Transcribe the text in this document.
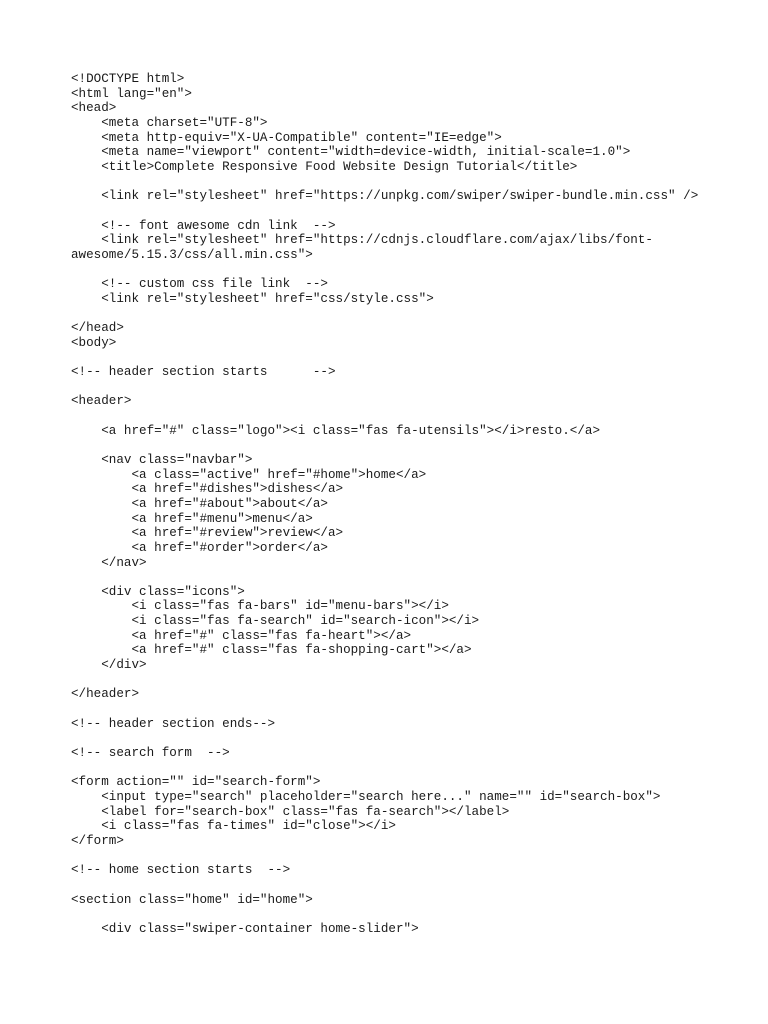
<!DOCTYPE html>
<html lang="en">
<head>
<meta charset="UTF-8">
<meta http-equiv="X-UA-Compatible" content="IE=edge">
<meta name="viewport" content="width=device-width, initial-scale=1.0">
<title>Complete Responsive Food Website Design Tutorial</title>
<link rel="stylesheet" href="https://unpkg.com/swiper/swiper-bundle.min.css" />
<!-- font awesome cdn link  -->
<link rel="stylesheet" href="https://cdnjs.cloudflare.com/ajax/libs/font-
awesome/5.15.3/css/all.min.css">
<!-- custom css file link  -->
<link rel="stylesheet" href="css/style.css">
</head>
<body>
<!-- header section starts      -->
<header>
<a href="#" class="logo"><i class="fas fa-utensils"></i>resto.</a>
<nav class="navbar">
<a class="active" href="#home">home</a>
<a href="#dishes">dishes</a>
<a href="#about">about</a>
<a href="#menu">menu</a>
<a href="#review">review</a>
<a href="#order">order</a>
</nav>
<div class="icons">
<i class="fas fa-bars" id="menu-bars"></i>
<i class="fas fa-search" id="search-icon"></i>
<a href="#" class="fas fa-heart"></a>
<a href="#" class="fas fa-shopping-cart"></a>
</div>
</header>
<!-- header section ends-->
<!-- search form  -->
<form action="" id="search-form">
<input type="search" placeholder="search here..." name="" id="search-box">
<label for="search-box" class="fas fa-search"></label>
<i class="fas fa-times" id="close"></i>
</form>
<!-- home section starts  -->
<section class="home" id="home">
<div class="swiper-container home-slider">
